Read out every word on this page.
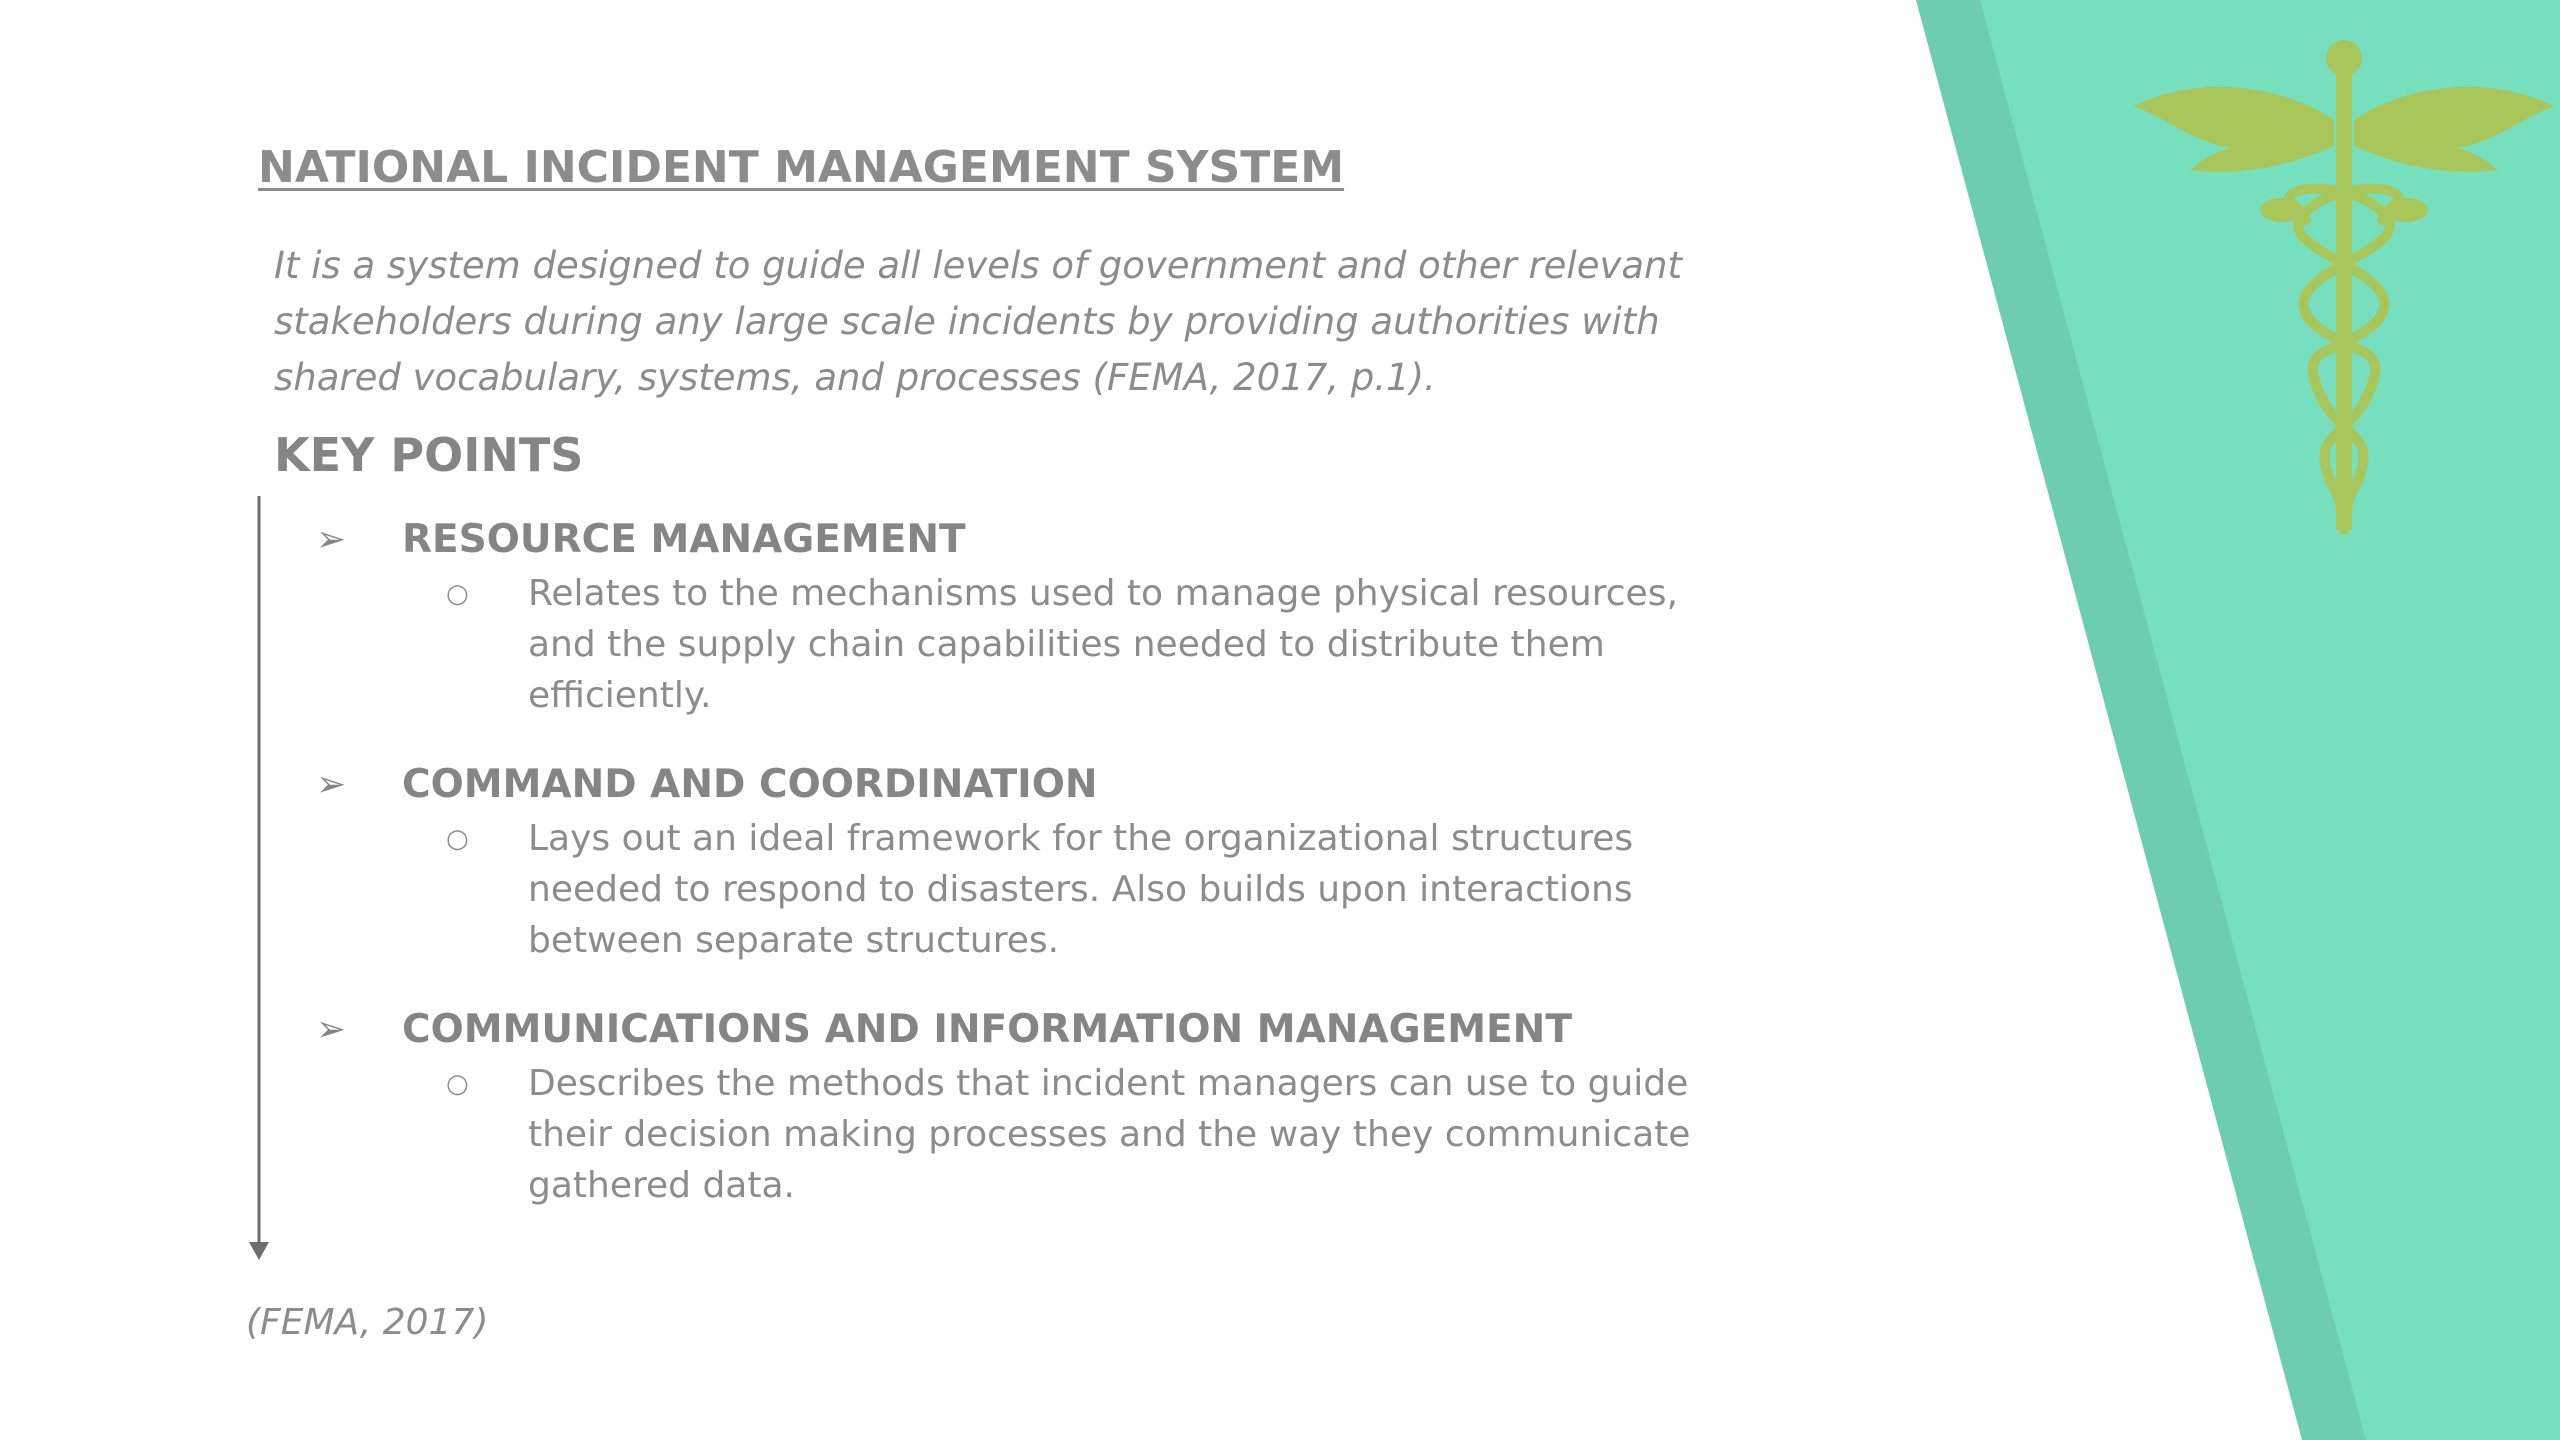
NATIONAL INCIDENT MANAGEMENT SYSTEM

It is a system designed to guide all levels of government and other relevant stakeholders during any large scale incidents by providing authorities with shared vocabulary, systems, and processes (FEMA, 2017, p.1).

KEY POINTS
➢ RESOURCE MANAGEMENT
○ Relates to the mechanisms used to manage physical resources, and the supply chain capabilities needed to distribute them efficiently.

➢ COMMAND AND COORDINATION
○ Lays out an ideal framework for the organizational structures needed to respond to disasters. Also builds upon interactions between separate structures.

➢ COMMUNICATIONS AND INFORMATION MANAGEMENT
○ Describes the methods that incident managers can use to guide their decision making processes and the way they communicate gathered data.

(FEMA, 2017)
